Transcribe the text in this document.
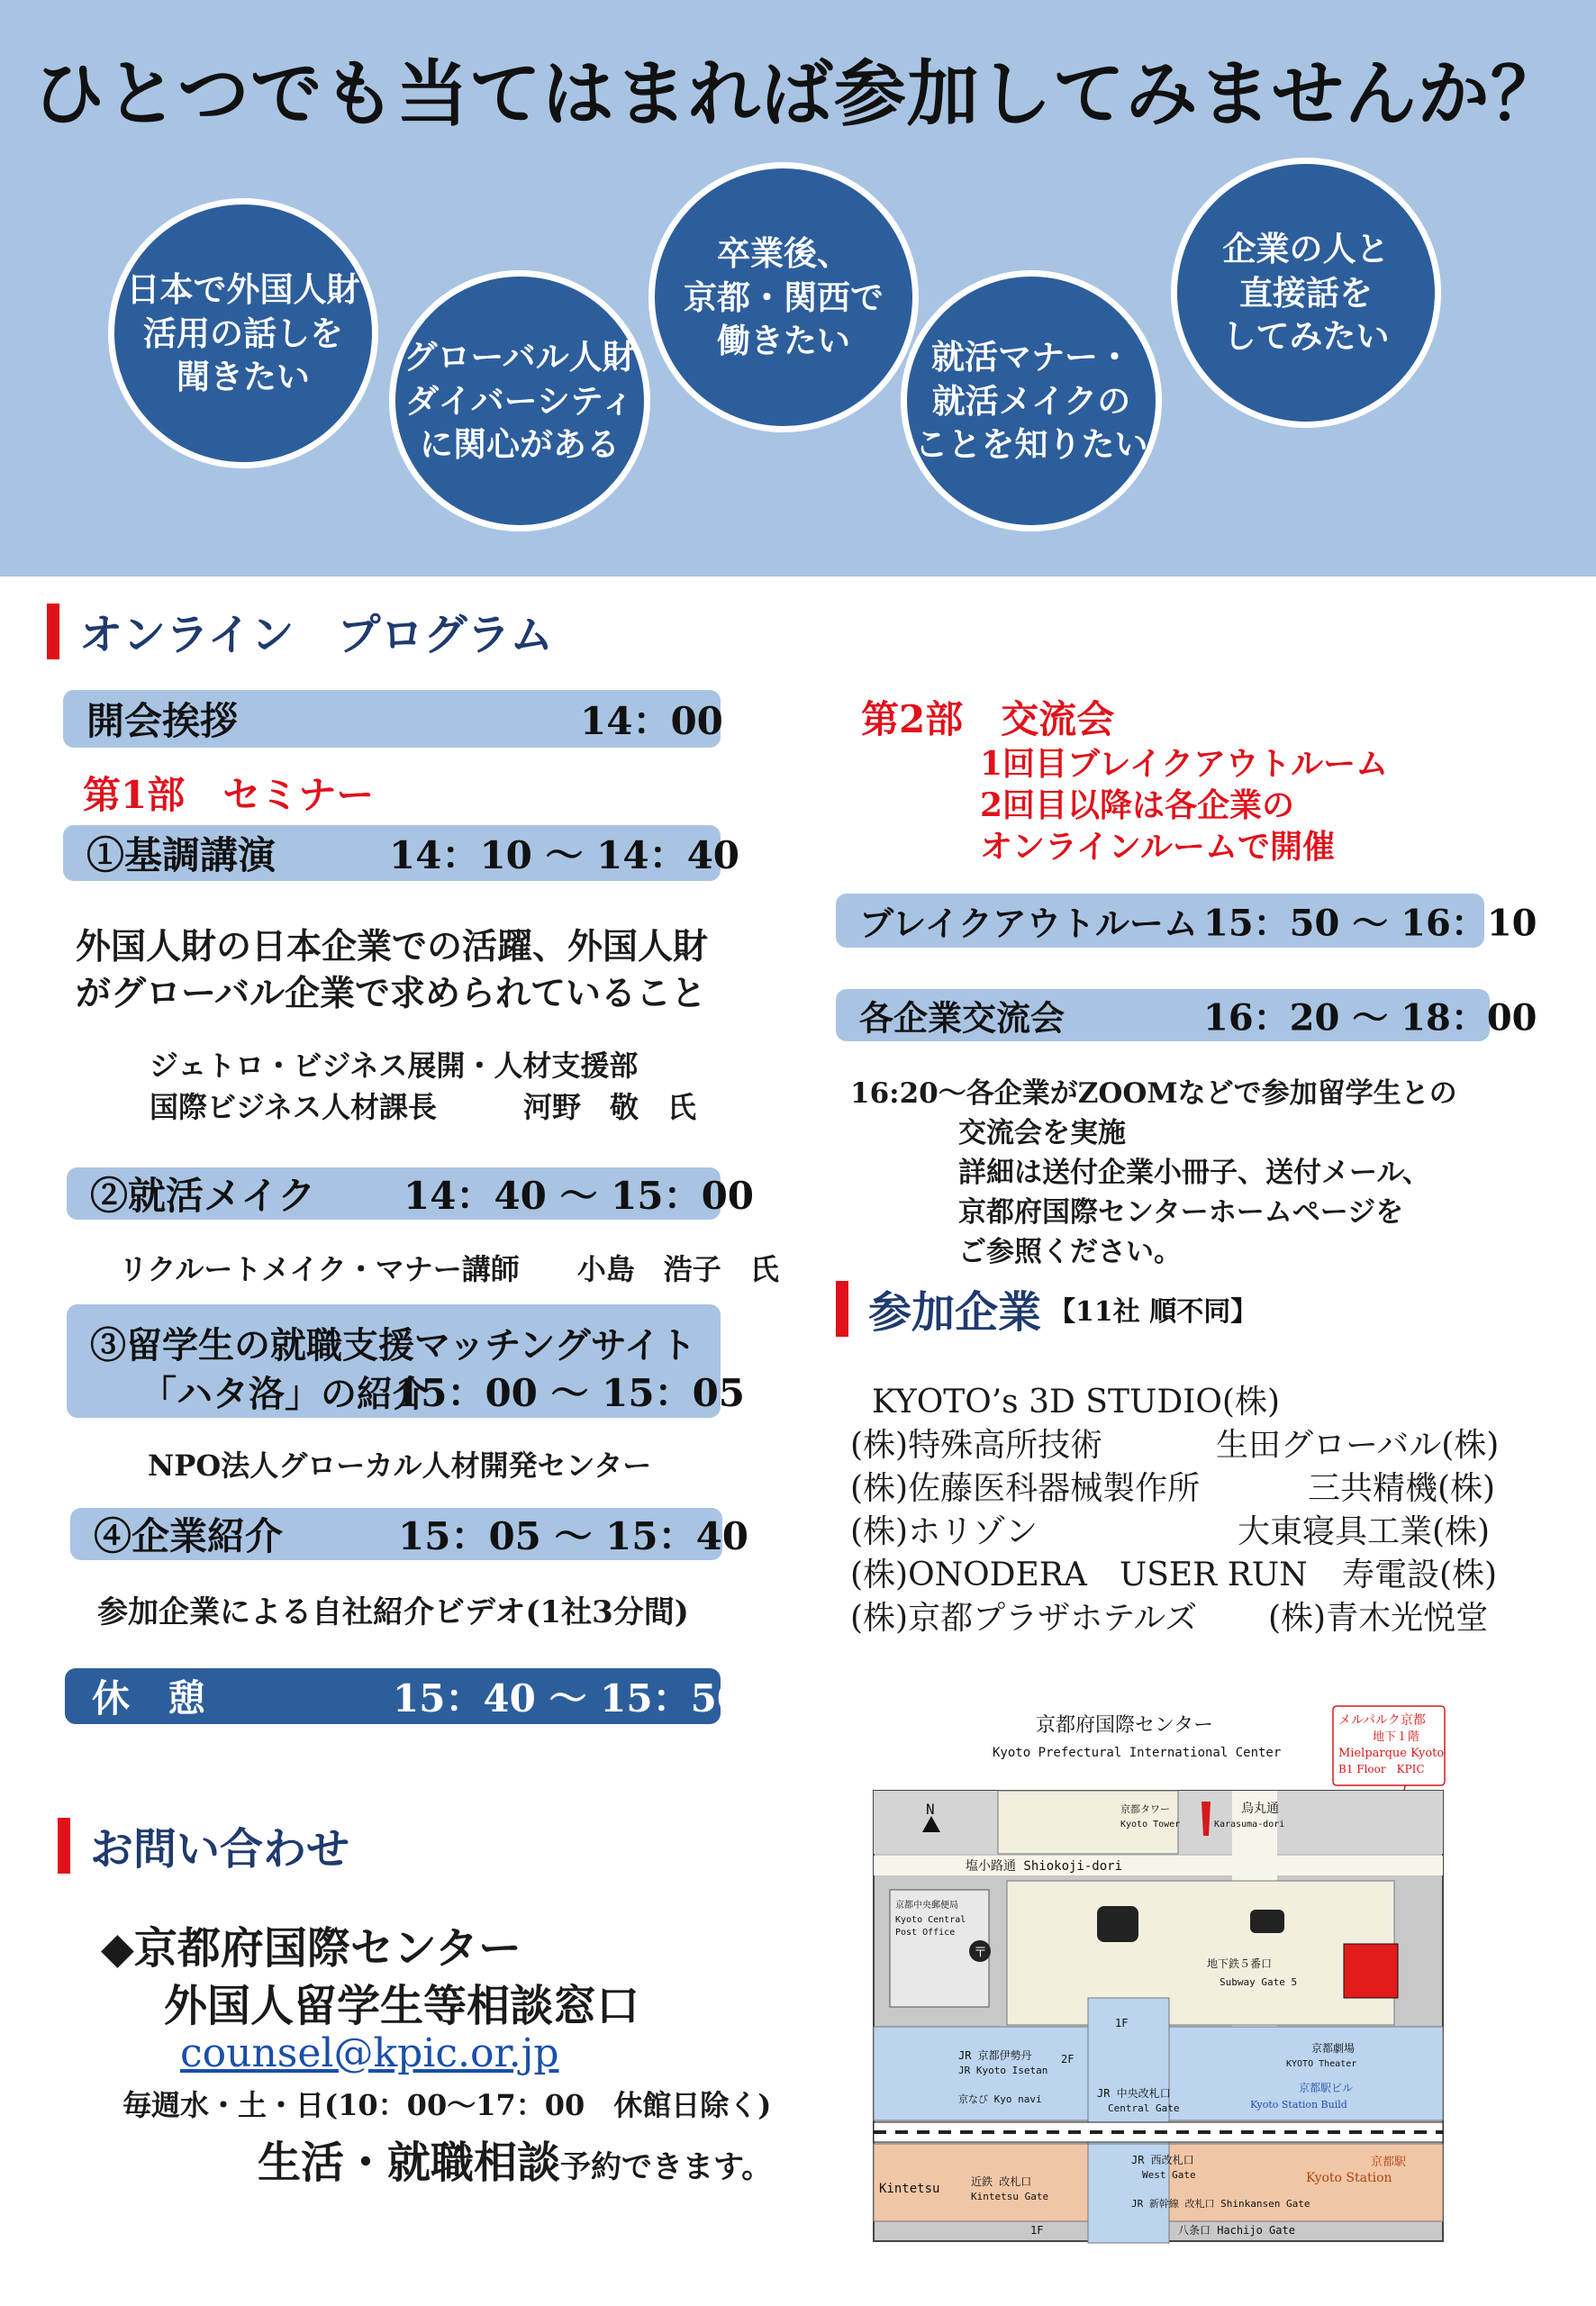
ひとつでも当てはまれば参加してみませんか？
日本で外国人財
活用の話しを
聞きたい
グローバル人財
ダイバーシティ
に関心がある
卒業後、
京都・関西で
働きたい	就活マナー・
就活メイクの
ことを知りたい
企業の人と
直接話を
してみたい
オンライン　プログラム
開会挨拶	14：00
第1部　セミナー
①基調講演	14：10 ～ 14：40
外国人財の日本企業での活躍、外国人財
がグローバル企業で求められていること
ジェトロ・ビジネス展開・人材支援部
国際ビジネス人材課長　　　河野　敬　氏
②就活メイク 14：40 ～ 15：00
リクルートメイク・マナー講師　　小島　浩子　氏
③留学生の就職支援マッチングサイト
「ハタ洛」の紹介
15：00 ～ 15：05
NPO法人グローカル人材開発センター
④企業紹介	15：05 ～ 15：40
参加企業による自社紹介ビデオ(1社3分間)
休　憩	15：40 ～ 15：50
第2部　交流会
1回目ブレイクアウトルーム
2回目以降は各企業の
オンラインルームで開催
ブレイクアウトルーム 15：50 ～ 16：10
各企業交流会	16：20 ～ 18：00
16:20～各企業がZOOMなどで参加留学生との
交流会を実施
詳細は送付企業小冊子、送付メール、
京都府国際センターホームページを
ご参照ください。
参加企業 【11社 順不同】
KYOTO’s 3D STUDIO(株)
(株)特殊高所技術	生田グローバル(株)
(株)佐藤医科器械製作所	三共精機(株)
(株)ホリゾン	大東寝具工業(株)
(株)ONODERA　USER RUN 寿電設(株)
(株)京都プラザホテルズ (株)青木光悦堂
お問い合わせ
◆京都府国際センター
外国人留学生等相談窓口
counsel@kpic.or.jp
毎週水・土・日(10：00～17：00　休館日除く)
生活・就職相談予約できます。
京都府国際センター
Kyoto Prefectural International Center
メルパルク京都
地下１階
Mielparque Kyoto
B1 Floor　KPIC
京都中央郵便局
Kyoto Central
Post Office
〒
塩小路通 Shiokoji-dori
N	京都タワー
Kyoto Tower
烏丸通
Karasuma-dori
地下鉄５番口
Subway Gate 5
JR 京都伊勢丹
JR Kyoto Isetan
京なび Kyo navi
1F
2F
JR 中央改札口
Central Gate
京都劇場
KYOTO Theater
京都駅ビル
Kyoto Station Build
Kintetsu	近鉄 改札口
Kintetsu Gate
JR 西改札口
West Gate
京都駅
Kyoto Station
JR 新幹線 改札口 Shinkansen Gate
八条口 Hachijo Gate
1F
